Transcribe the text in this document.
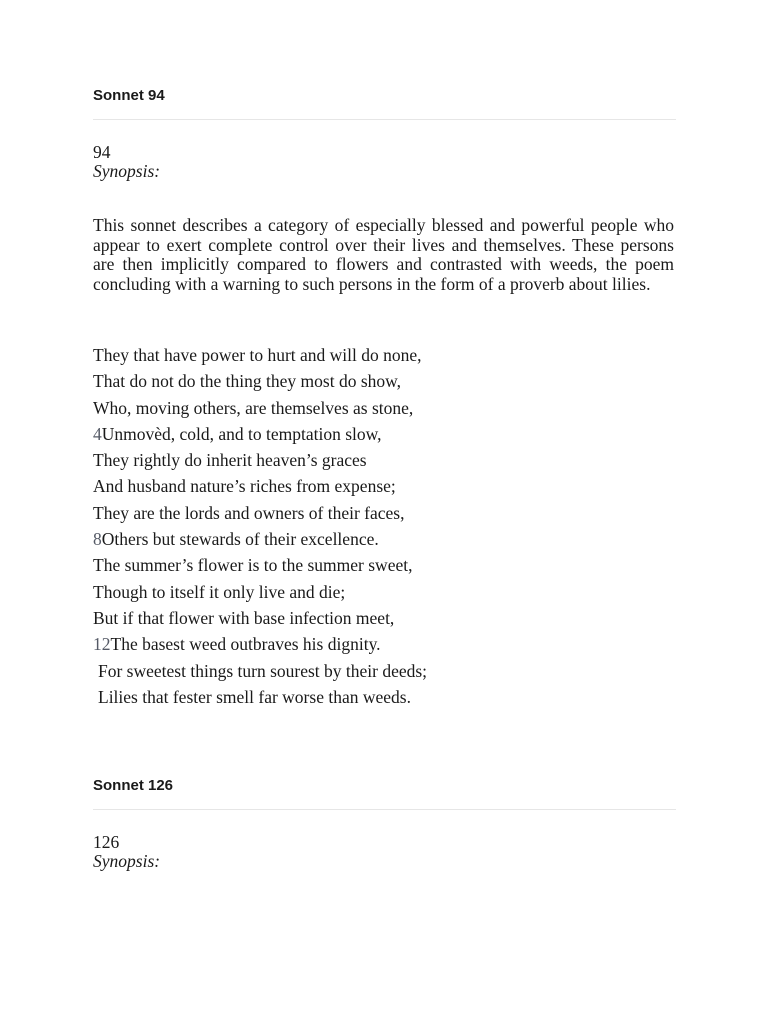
Sonnet 94
94
Synopsis:

This sonnet describes a category of especially blessed and powerful people who appear to exert complete control over their lives and themselves. These persons are then implicitly compared to flowers and contrasted with weeds, the poem concluding with a warning to such persons in the form of a proverb about lilies.

They that have power to hurt and will do none,
That do not do the thing they most do show,
Who, moving others, are themselves as stone,
4Unmovèd, cold, and to temptation slow,
They rightly do inherit heaven’s graces
And husband nature’s riches from expense;
They are the lords and owners of their faces,
8Others but stewards of their excellence.
The summer’s flower is to the summer sweet,
Though to itself it only live and die;
But if that flower with base infection meet,
12The basest weed outbraves his dignity.
For sweetest things turn sourest by their deeds;
Lilies that fester smell far worse than weeds.
Sonnet 126
126
Synopsis:
